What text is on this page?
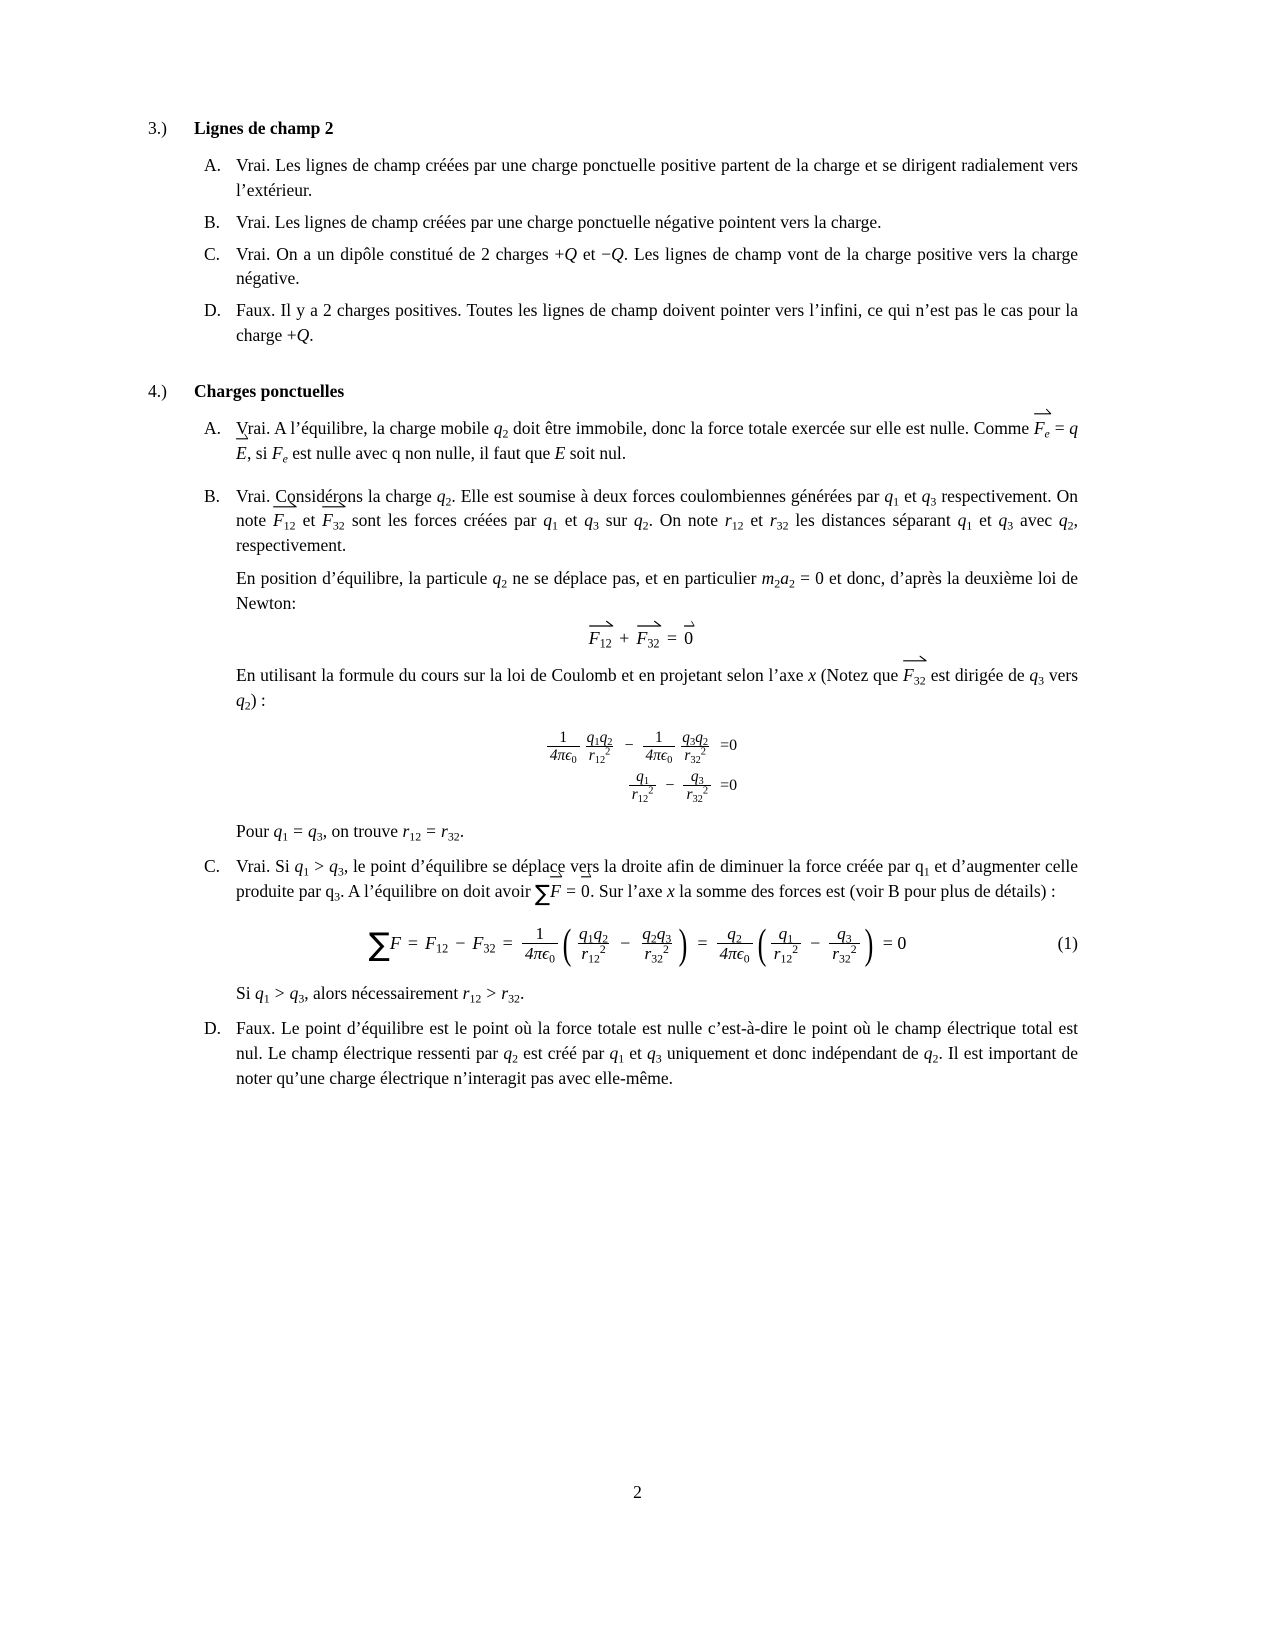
3.)	Lignes de champ 2
A. Vrai. Les lignes de champ créées par une charge ponctuelle positive partent de la charge et se dirigent radialement vers l’extérieur.
B. Vrai. Les lignes de champ créées par une charge ponctuelle négative pointent vers la charge.
C. Vrai. On a un dipôle constitué de 2 charges +Q et −Q. Les lignes de champ vont de la charge positive vers la charge négative.
D. Faux. Il y a 2 charges positives. Toutes les lignes de champ doivent pointer vers l’infini, ce qui n’est pas le cas pour la charge +Q.
4.)	Charges ponctuelles
A. Vrai. A l’équilibre, la charge mobile $q_2$ doit être immobile, donc la force totale exercée sur elle est nulle. Comme
$F_e = q$
E, si $F_e$ est nulle avec q non nulle, il faut que E soit nul.
B. Vrai. Considérons la charge $q_2$. Elle est soumise à deux forces coulombiennes générées par $q_1$ et $q_3$ respectivement. On note
$F_{12}$ et
$F_{32}$ sont les forces créées par $q_1$ et $q_3$ sur $q_2$. On note $r_{12}$ et $r_{32}$ les distances séparant $q_1$ et $q_3$ avec $q_2$, respectivement.
En position d’équilibre, la particule $q_2$ ne se déplace pas, et en particulier $m_2a_2 = 0$ et donc, d’après la deuxième loi de Newton:
$F_{12} + F_{32} = 0$
En utilisant la formule du cours sur la loi de Coulomb et en projetant selon l’axe x (Notez que
$F_{32}$ est dirigée de $q_3$ vers $q_2$) :
$\frac{1}{4\pi\epsilon_0} \frac{q_1q_2}{r_{12}^2} - \frac{1}{4\pi\epsilon_0} \frac{q_3q_2}{r_{32}^2} =0$
$\frac{q_1}{r_{12}^2} - \frac{q_3}{r_{32}^2} =0$
Pour $q_1 = q_3$, on trouve $r_{12} = r_{32}$.
C. Vrai. Si $q_1 > q_3$, le point d’équilibre se déplace vers la droite afin de diminuer la force créée par $q_1$ et d’augmenter celle produite par $q_3$. A l’équilibre on doit avoir ∑
F = 0. Sur l’axe x la somme des forces est (voir B pour plus de détails) :
∑ $F = F_{12} - F_{32} = \frac{1}{4\pi\epsilon_0}$ ( $\frac{q_1q_2}{r_{12}^2} - \frac{q_2q_3}{r_{32}^2}$ ) = $\frac{q_2}{4\pi\epsilon_0}$ ( $\frac{q_1}{r_{12}^2} - \frac{q_3}{r_{32}^2}$ ) = 0	(1)
Si $q_1 > q_3$, alors nécessairement $r_{12} > r_{32}$.
D. Faux. Le point d’équilibre est le point où la force totale est nulle c’est-à-dire le point où le champ électrique total est nul. Le champ électrique ressenti par $q_2$ est créé par $q_1$ et $q_3$ uniquement et donc indépendant de $q_2$. Il est important de noter qu’une charge électrique n’interagit pas avec elle-même.
2
